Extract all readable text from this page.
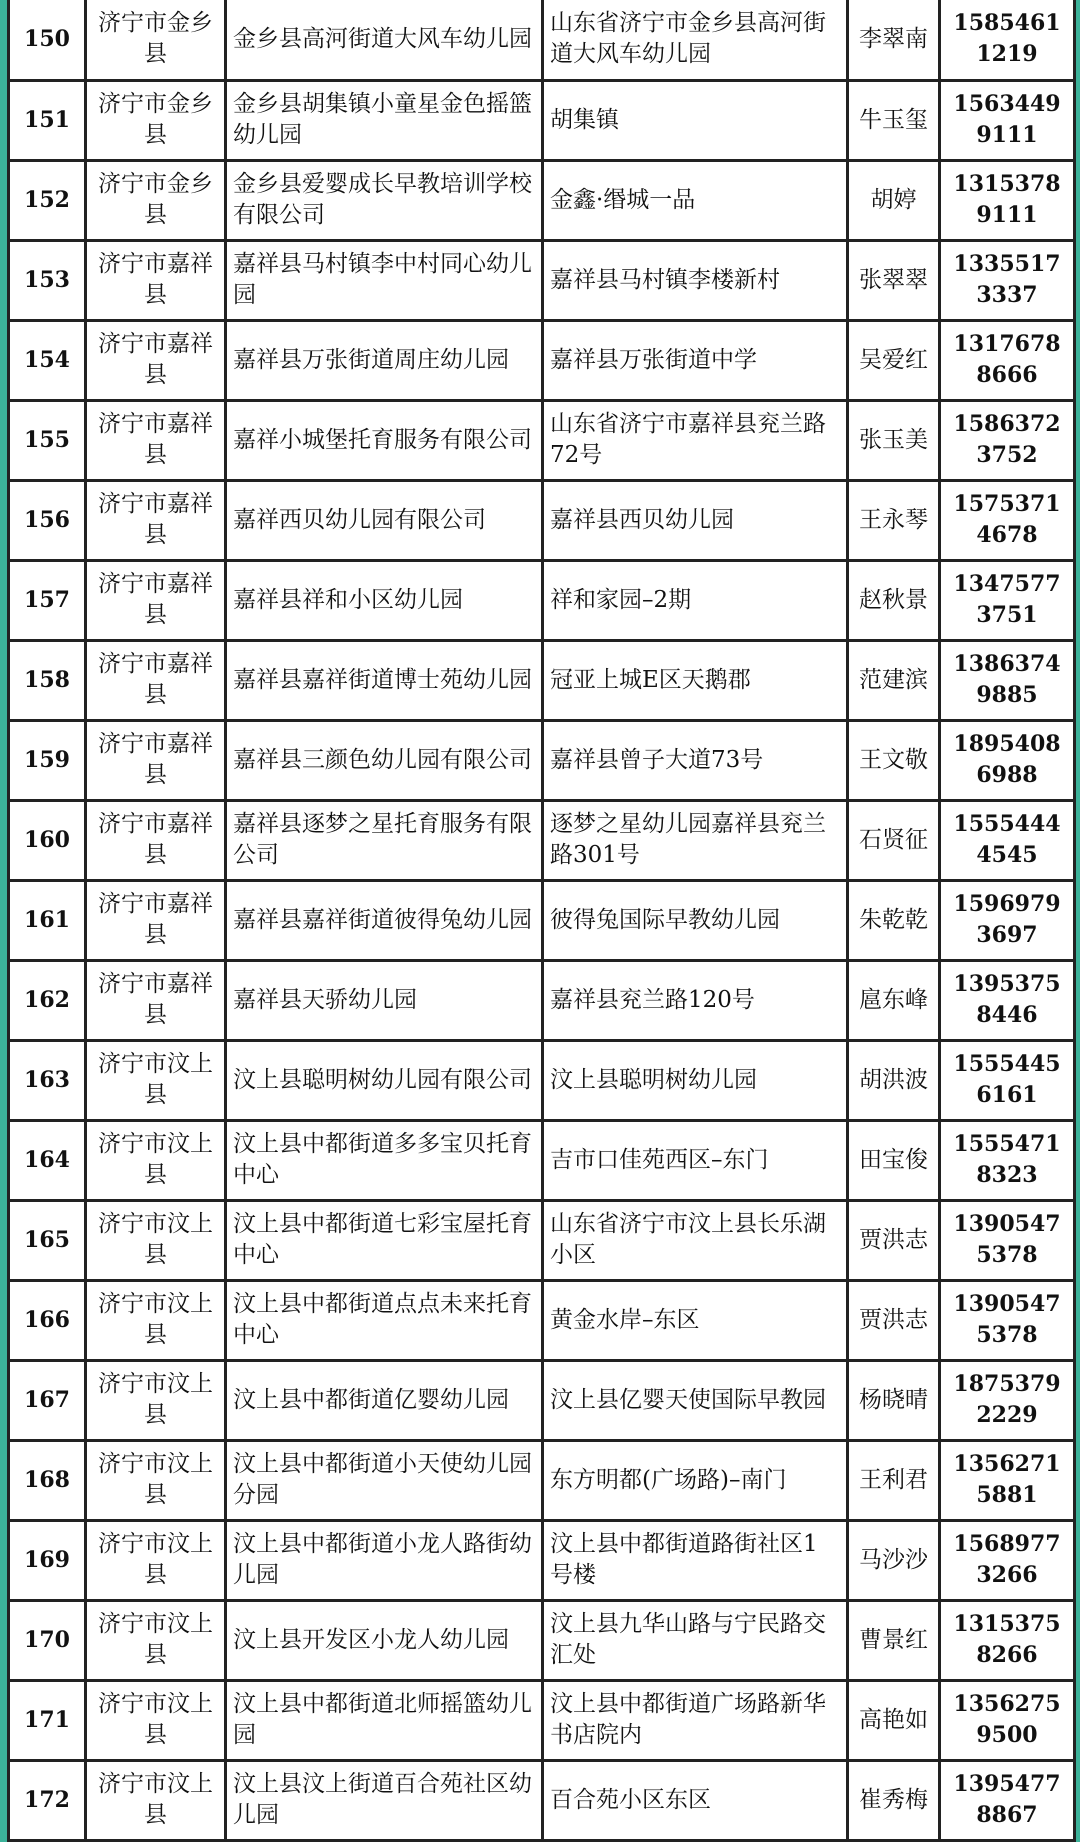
150	济宁市金乡县	金乡县高河街道大风车幼儿园	山东省济宁市金乡县高河街道大风车幼儿园	李翠南	15854611219
151	济宁市金乡县	金乡县胡集镇小童星金色摇篮幼儿园	胡集镇	牛玉玺	15634499111
152	济宁市金乡县	金乡县爱婴成长早教培训学校有限公司	金鑫·缗城一品	胡婷	13153789111
153	济宁市嘉祥县	嘉祥县马村镇李中村同心幼儿园	嘉祥县马村镇李楼新村	张翠翠	13355173337
154	济宁市嘉祥县	嘉祥县万张街道周庄幼儿园	嘉祥县万张街道中学	吴爱红	13176788666
155	济宁市嘉祥县	嘉祥小城堡托育服务有限公司	山东省济宁市嘉祥县兖兰路72号	张玉美	15863723752
156	济宁市嘉祥县	嘉祥西贝幼儿园有限公司	嘉祥县西贝幼儿园	王永琴	15753714678
157	济宁市嘉祥县	嘉祥县祥和小区幼儿园	祥和家园–2期	赵秋景	13475773751
158	济宁市嘉祥县	嘉祥县嘉祥街道博士苑幼儿园	冠亚上城E区天鹅郡	范建滨	13863749885
159	济宁市嘉祥县	嘉祥县三颜色幼儿园有限公司	嘉祥县曾子大道73号	王文敬	18954086988
160	济宁市嘉祥县	嘉祥县逐梦之星托育服务有限公司	逐梦之星幼儿园嘉祥县兖兰路301号	石贤征	15554444545
161	济宁市嘉祥县	嘉祥县嘉祥街道彼得兔幼儿园	彼得兔国际早教幼儿园	朱乾乾	15969793697
162	济宁市嘉祥县	嘉祥县天骄幼儿园	嘉祥县兖兰路120号	扈东峰	13953758446
163	济宁市汶上县	汶上县聪明树幼儿园有限公司	汶上县聪明树幼儿园	胡洪波	15554456161
164	济宁市汶上县	汶上县中都街道多多宝贝托育中心	吉市口佳苑西区–东门	田宝俊	15554718323
165	济宁市汶上县	汶上县中都街道七彩宝屋托育中心	山东省济宁市汶上县长乐湖小区	贾洪志	13905475378
166	济宁市汶上县	汶上县中都街道点点未来托育中心	黄金水岸–东区	贾洪志	13905475378
167	济宁市汶上县	汶上县中都街道亿婴幼儿园	汶上县亿婴天使国际早教园	杨晓晴	18753792229
168	济宁市汶上县	汶上县中都街道小天使幼儿园分园	东方明都(广场路)–南门	王利君	13562715881
169	济宁市汶上县	汶上县中都街道小龙人路街幼儿园	汶上县中都街道路街社区1号楼	马沙沙	15689773266
170	济宁市汶上县	汶上县开发区小龙人幼儿园	汶上县九华山路与宁民路交汇处	曹景红	13153758266
171	济宁市汶上县	汶上县中都街道北师摇篮幼儿园	汶上县中都街道广场路新华书店院内	高艳如	13562759500
172	济宁市汶上县	汶上县汶上街道百合苑社区幼儿园	百合苑小区东区	崔秀梅	13954778867
